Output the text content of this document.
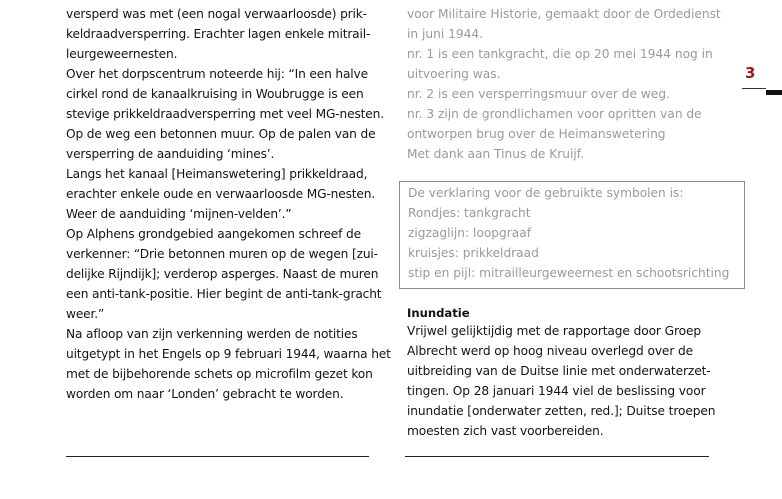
versperd was met (een nogal verwaarloosde) prik-
keldraadversperring. Erachter lagen enkele mitrail-
leurgeweernesten.
Over het dorpscentrum noteerde hij: “In een halve
cirkel rond de kanaalkruising in Woubrugge is een
stevige prikkeldraadversperring met veel MG-nesten.
Op de weg een betonnen muur. Op de palen van de
versperring de aanduiding ‘mines’.
Langs het kanaal [Heimanswetering] prikkeldraad,
erachter enkele oude en verwaarloosde MG-nesten.
Weer de aanduiding ‘mijnen-velden’.”
Op Alphens grondgebied aangekomen schreef de
verkenner: “Drie betonnen muren op de wegen [zui-
delijke Rijndijk]; verderop asperges. Naast de muren
een anti-tank-positie. Hier begint de anti-tank-gracht
weer.”
Na afloop van zijn verkenning werden de notities
uitgetypt in het Engels op 9 februari 1944, waarna het
met de bijbehorende schets op microfilm gezet kon
worden om naar ‘Londen’ gebracht te worden.
voor Militaire Historie, gemaakt door de Ordedienst
in juni 1944.
nr. 1 is een tankgracht, die op 20 mei 1944 nog in
uitvoering was.
nr. 2 is een versperringsmuur over de weg.
nr. 3 zijn de grondlichamen voor opritten van de
ontworpen brug over de Heimanswetering
Met dank aan Tinus de Kruijf.
De verklaring voor de gebruikte symbolen is:
Rondjes: tankgracht
zigzaglijn: loopgraaf
kruisjes: prikkeldraad
stip en pijl: mitrailleurgeweernest en schootsrichting
Inundatie
Vrijwel gelijktijdig met de rapportage door Groep
Albrecht werd op hoog niveau overlegd over de
uitbreiding van de Duitse linie met onderwaterzet-
tingen. Op 28 januari 1944 viel de beslissing voor
inundatie [onderwater zetten, red.]; Duitse troepen
moesten zich vast voorbereiden.
3
